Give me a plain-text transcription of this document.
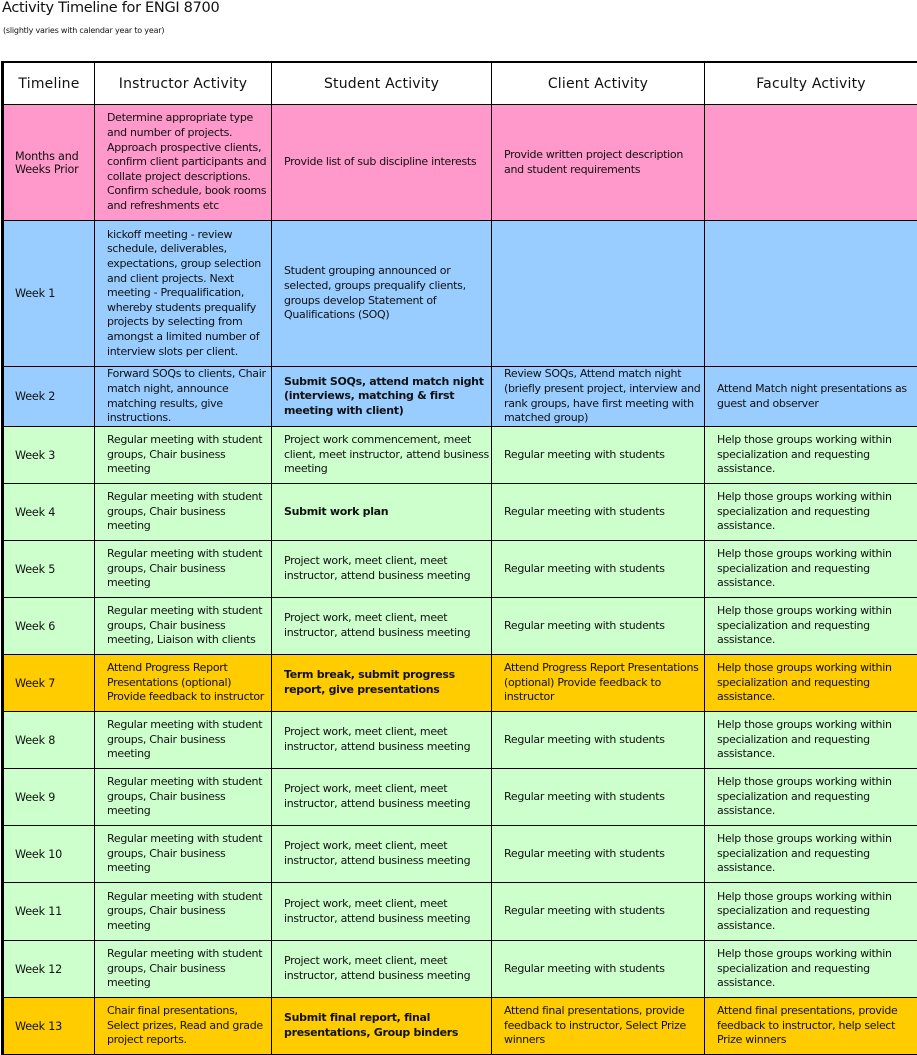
Activity Timeline for ENGI 8700
(slightly varies with calendar year to year)
Timeline	Instructor Activity	Student Activity	Client Activity	Faculty Activity
Months and Weeks Prior	Determine appropriate type and number of projects. Approach prospective clients, confirm client participants and collate project descriptions. Confirm schedule, book rooms and refreshments etc	Provide list of sub discipline interests	Provide written project description and student requirements	
Week 1	kickoff meeting - review schedule, deliverables, expectations, group selection and client projects. Next meeting - Prequalification, whereby students prequalify projects by selecting from amongst a limited number of interview slots per client.	Student grouping announced or selected, groups prequalify clients, groups develop Statement of Qualifications (SOQ)		
Week 2	Forward SOQs to clients, Chair match night, announce matching results, give instructions.	Submit SOQs, attend match night (interviews, matching & first meeting with client)	Review SOQs, Attend match night (briefly present project, interview and rank groups, have first meeting with matched group)	Attend Match night presentations as guest and observer
Week 3	Regular meeting with student groups, Chair business meeting	Project work commencement, meet client, meet instructor, attend business meeting	Regular meeting with students	Help those groups working within specialization and requesting assistance.
Week 4	Regular meeting with student groups, Chair business meeting	Submit work plan	Regular meeting with students	Help those groups working within specialization and requesting assistance.
Week 5	Regular meeting with student groups, Chair business meeting	Project work, meet client, meet instructor, attend business meeting	Regular meeting with students	Help those groups working within specialization and requesting assistance.
Week 6	Regular meeting with student groups, Chair business meeting, Liaison with clients	Project work, meet client, meet instructor, attend business meeting	Regular meeting with students	Help those groups working within specialization and requesting assistance.
Week 7	Attend Progress Report Presentations (optional) Provide feedback to instructor	Term break, submit progress report, give presentations	Attend Progress Report Presentations (optional) Provide feedback to instructor	Help those groups working within specialization and requesting assistance.
Week 8	Regular meeting with student groups, Chair business meeting	Project work, meet client, meet instructor, attend business meeting	Regular meeting with students	Help those groups working within specialization and requesting assistance.
Week 9	Regular meeting with student groups, Chair business meeting	Project work, meet client, meet instructor, attend business meeting	Regular meeting with students	Help those groups working within specialization and requesting assistance.
Week 10	Regular meeting with student groups, Chair business meeting	Project work, meet client, meet instructor, attend business meeting	Regular meeting with students	Help those groups working within specialization and requesting assistance.
Week 11	Regular meeting with student groups, Chair business meeting	Project work, meet client, meet instructor, attend business meeting	Regular meeting with students	Help those groups working within specialization and requesting assistance.
Week 12	Regular meeting with student groups, Chair business meeting	Project work, meet client, meet instructor, attend business meeting	Regular meeting with students	Help those groups working within specialization and requesting assistance.
Week 13	Chair final presentations, Select prizes, Read and grade project reports.	Submit final report, final presentations, Group binders	Attend final presentations, provide feedback to instructor, Select Prize winners	Attend final presentations, provide feedback to instructor, help select Prize winners
